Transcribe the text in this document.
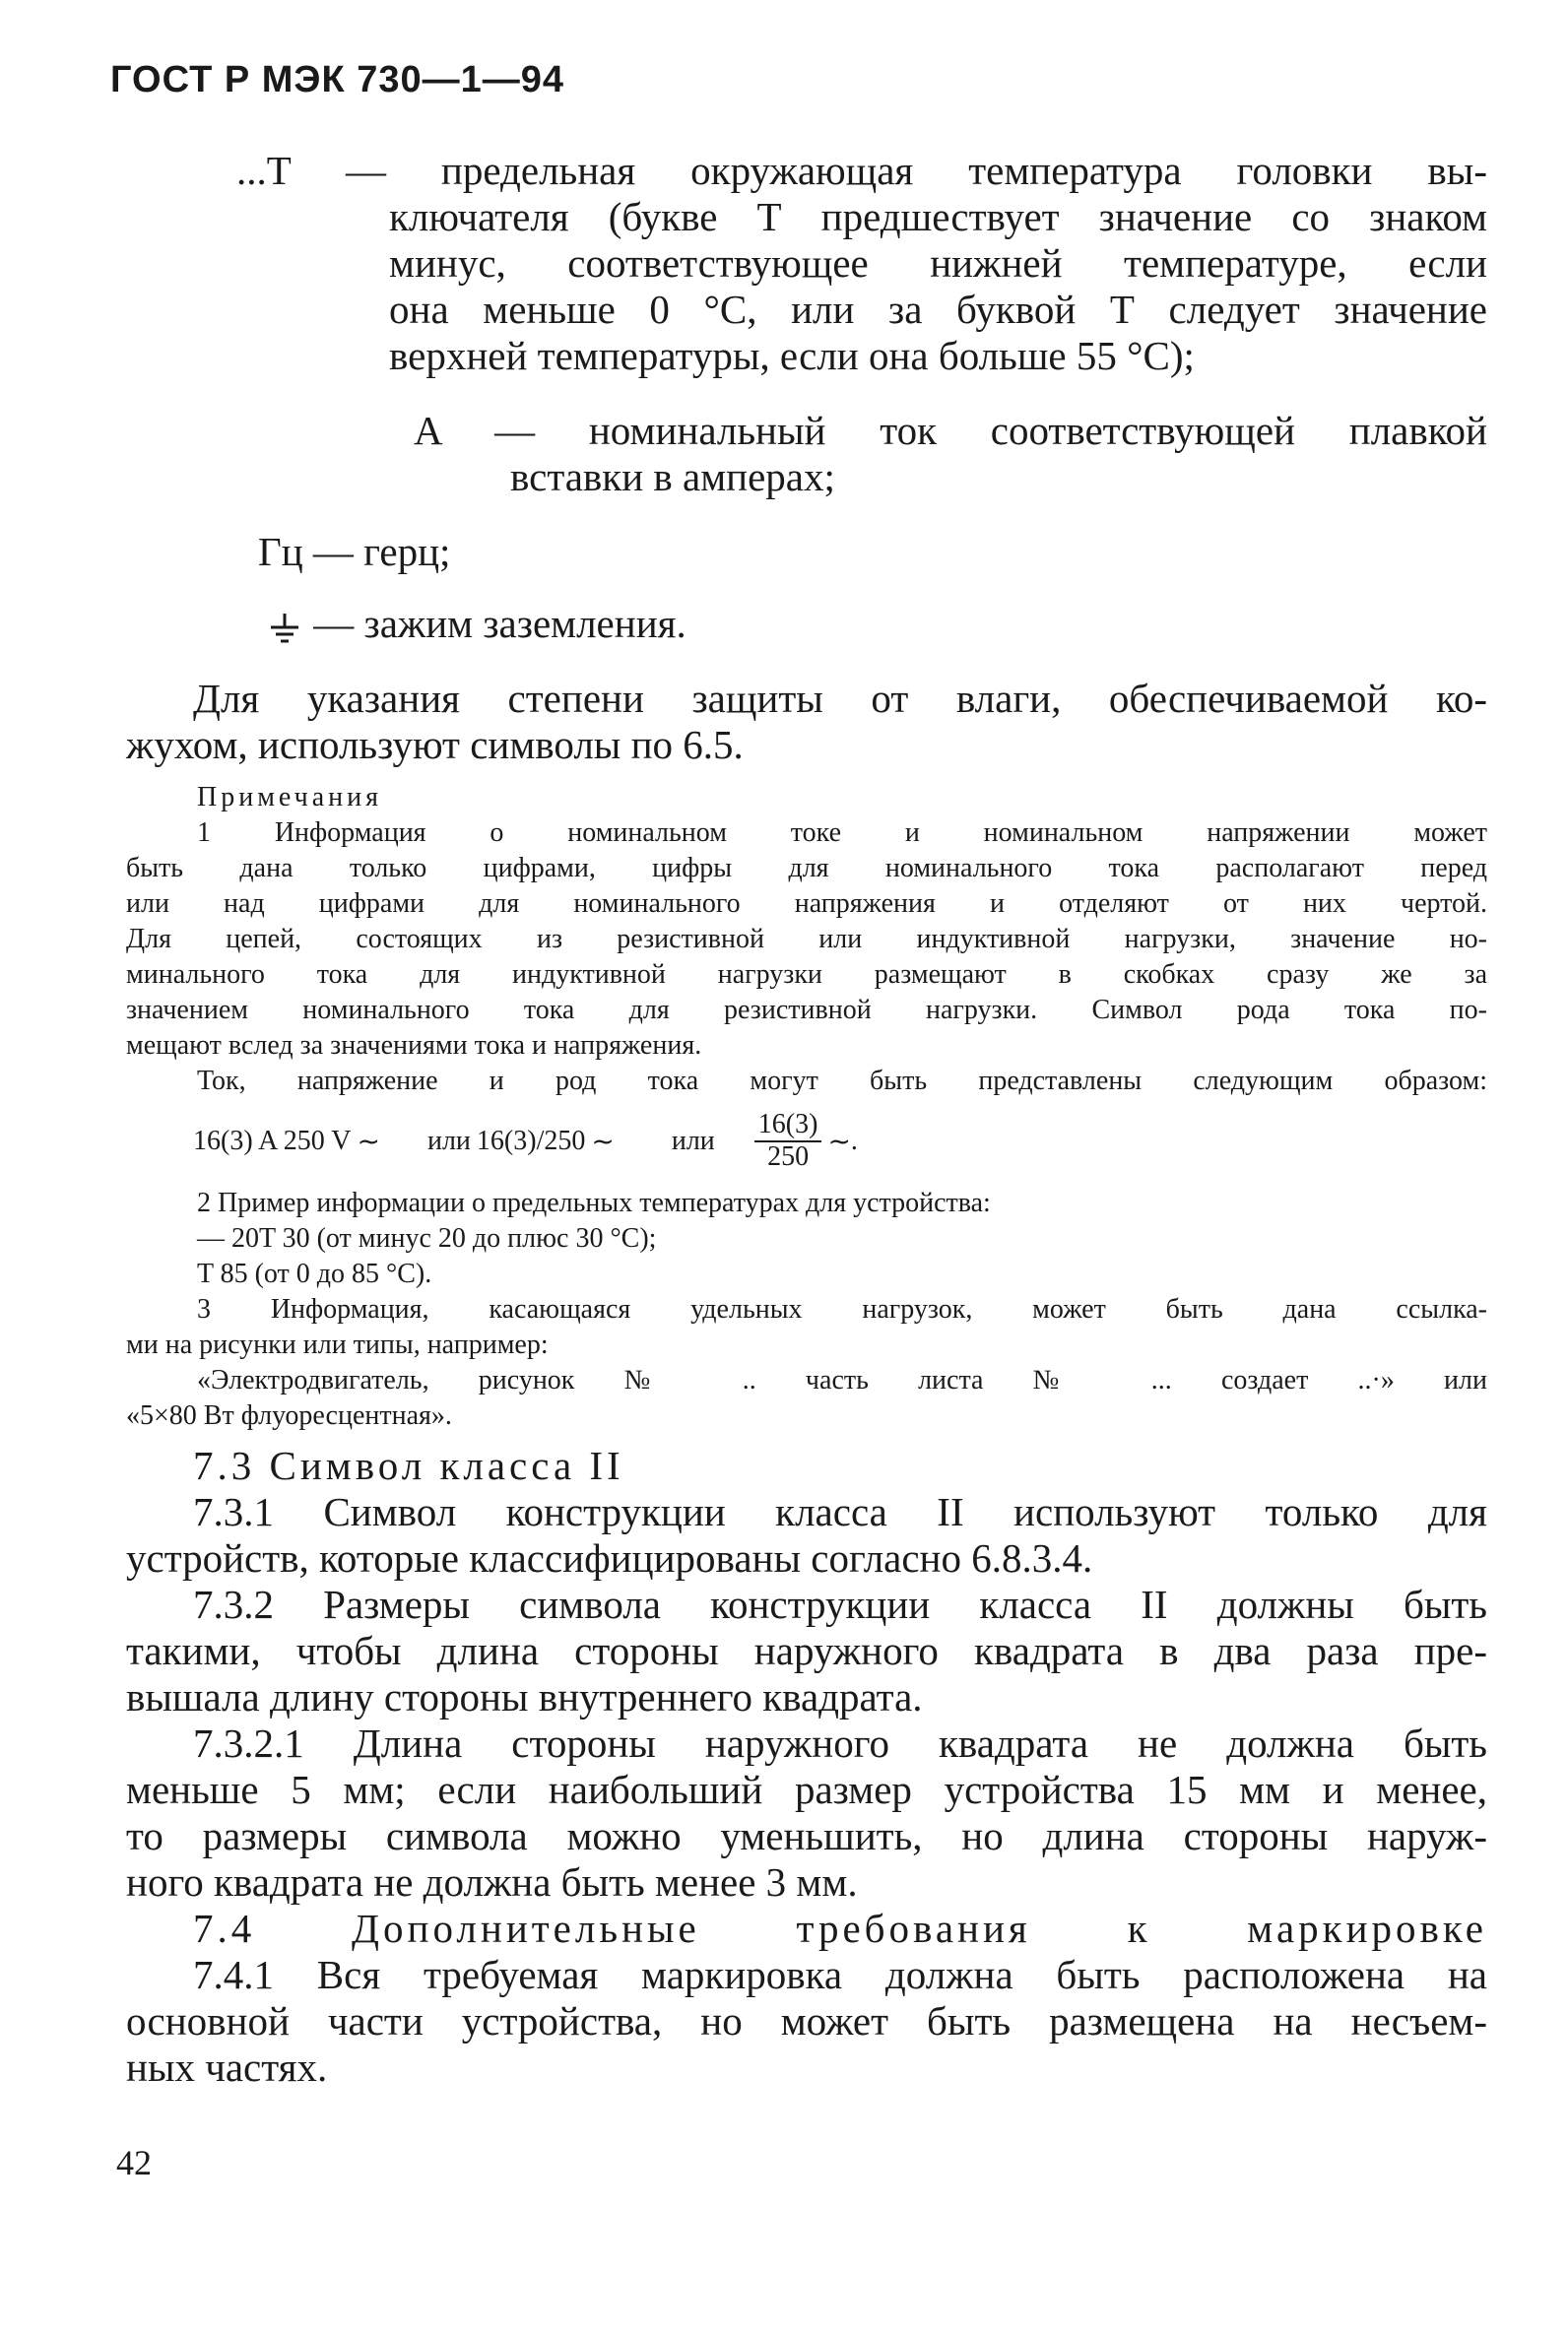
ГОСТ Р МЭК 730—1—94
...T — предельная окружающая температура головки вы-
ключателя (букве Т предшествует значение со знаком
минус, соответствующее нижней температуре, если
она меньше 0 °С, или за буквой Т следует значение
верхней температуры, если она больше 55 °С);
A — номинальный ток соответствующей плавкой
вставки в амперах;
Гц — герц;
— зажим заземления.
Для указания степени защиты от влаги, обеспечиваемой ко-
жухом, используют символы по 6.5.
Примечания
1 Информация о номинальном токе и номинальном напряжении может
быть дана только цифрами, цифры для номинального тока располагают перед
или над цифрами для номинального напряжения и отделяют от них чертой.
Для цепей, состоящих из резистивной или индуктивной нагрузки, значение но-
минального тока для индуктивной нагрузки размещают в скобках сразу же за
значением номинального тока для резистивной нагрузки. Символ рода тока по-
мещают вслед за значениями тока и напряжения.
Ток, напряжение и род тока могут быть представлены следующим образом:
16(3) A 250 V ~ или 16(3)/250 ~ или $\frac{16(3)}{250}$ ~ .
2 Пример информации о предельных температурах для устройства:
— 20T 30 (от минус 20 до плюс 30 °С);
T 85 (от 0 до 85 °С).
3 Информация, касающаяся удельных нагрузок, может быть дана ссылка-
ми на рисунки или типы, например:
«Электродвигатель, рисунок № .. часть листа № ... создает ..·» или
«5×80 Вт флуоресцентная».
7.3 Символ класса II
7.3.1 Символ конструкции класса II используют только для
устройств, которые классифицированы согласно 6.8.3.4.
7.3.2 Размеры символа конструкции класса II должны быть
такими, чтобы длина стороны наружного квадрата в два раза пре-
вышала длину стороны внутреннего квадрата.
7.3.2.1 Длина стороны наружного квадрата не должна быть
меньше 5 мм; если наибольший размер устройства 15 мм и менее,
то размеры символа можно уменьшить, но длина стороны наруж-
ного квадрата не должна быть менее 3 мм.
7.4 Дополнительные требования к маркировке
7.4.1 Вся требуемая маркировка должна быть расположена на
основной части устройства, но может быть размещена на несъем-
ных частях.
42
